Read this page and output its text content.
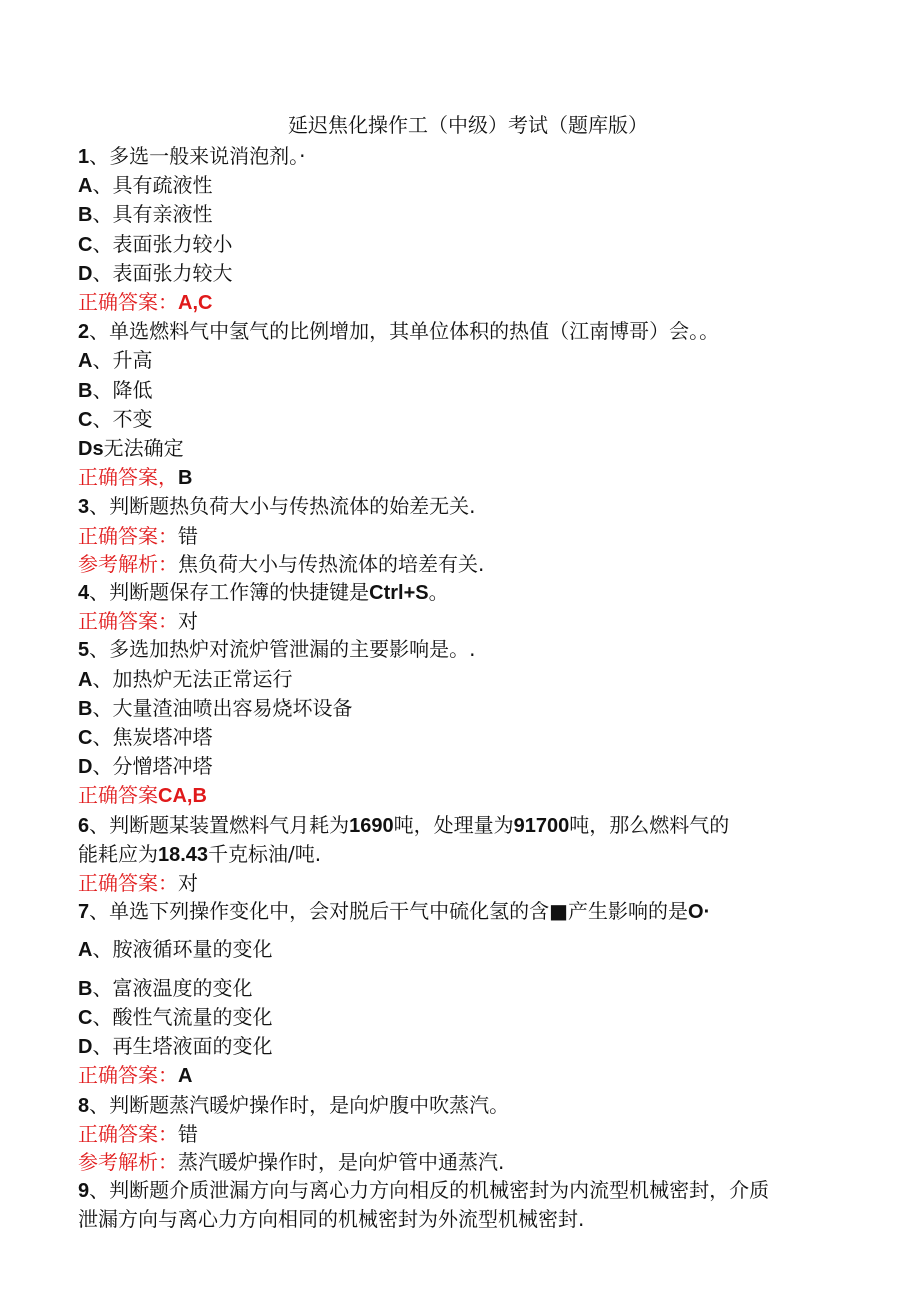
延迟焦化操作工（中级）考试（题库版）
1、多选一般来说消泡剂。·
A、具有疏液性
B、具有亲液性
C、表面张力较小
D、表面张力较大
正确答案：A,C
2、单选燃料气中氢气的比例增加，其单位体积的热值（江南博哥）会。。
A、升高
B、降低
C、不变
Ds无法确定
正确答案，B
3、判断题热负荷大小与传热流体的始差无关.
正确答案：错
参考解析：焦负荷大小与传热流体的培差有关.
4、判断题保存工作簿的快捷键是Ctrl+S。
正确答案：对
5、多选加热炉对流炉管泄漏的主要影响是。.
A、加热炉无法正常运行
B、大量渣油喷出容易烧坏设备
C、焦炭塔冲塔
D、分憎塔冲塔
正确答案CA,B
6、判断题某装置燃料气月耗为1690吨，处理量为91700吨，那么燃料气的
能耗应为18.43千克标油/吨.
正确答案：对
7、单选下列操作变化中，会对脱后干气中硫化氢的含■产生影响的是O·
A、胺液循环量的变化
B、富液温度的变化
C、酸性气流量的变化
D、再生塔液面的变化
正确答案：A
8、判断题蒸汽暖炉操作时，是向炉腹中吹蒸汽。
正确答案：错
参考解析：蒸汽暖炉操作时，是向炉管中通蒸汽.
9、判断题介质泄漏方向与离心力方向相反的机械密封为内流型机械密封，介质
泄漏方向与离心力方向相同的机械密封为外流型机械密封.
